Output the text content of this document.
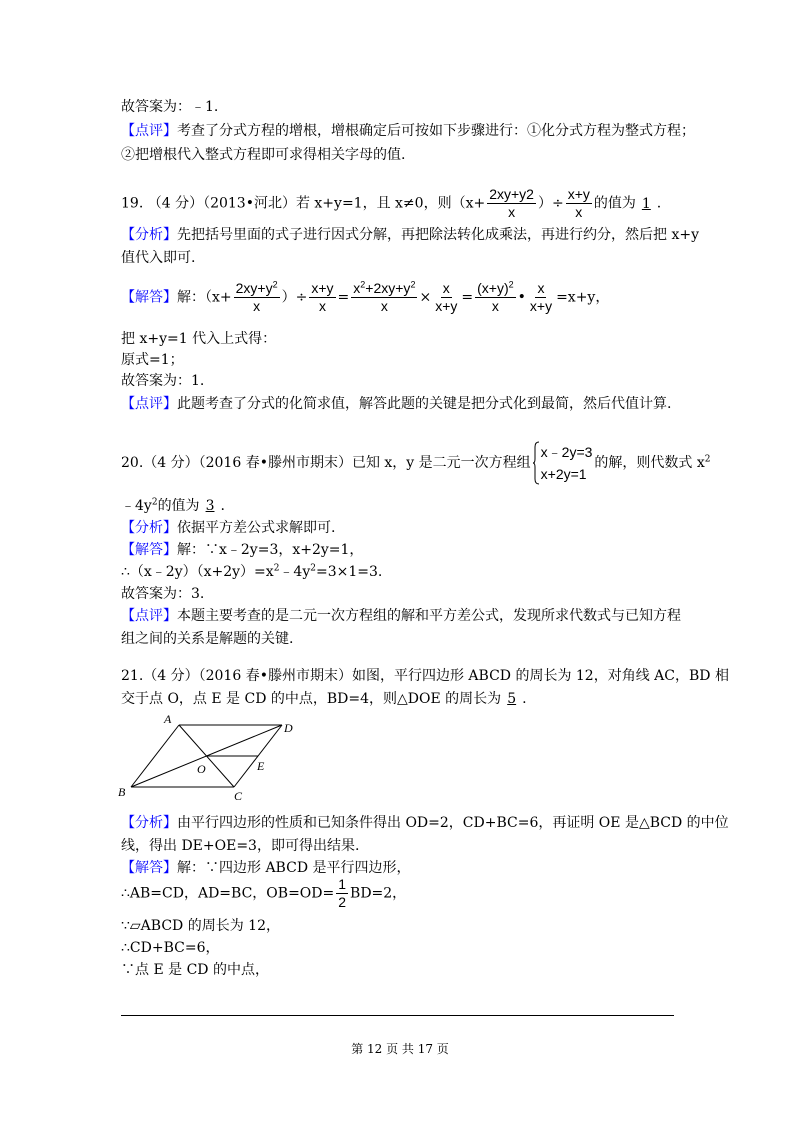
故答案为：﹣1.
【点评】考查了分式方程的增根，增根确定后可按如下步骤进行：①化分式方程为整式方程；
②把增根代入整式方程即可求得相关字母的值.
19. （4 分）（2013•河北）若 x+y=1，且 x≠0，则（$x+ \frac{2xy+y2}{x}$ ）÷ $\frac{x+y}{x}$ 的值为 1 .
【分析】先把括号里面的式子进行因式分解，再把除法转化成乘法，再进行约分，然后把 x+y
值代入即可.
【解答】解：（$x+ \frac{2xy+y^2}{x}$ ）÷ $\frac{x+y}{x} = \frac{x^2+2xy+y^2}{x} \times \frac{x}{x+y} = \frac{(x+y)^2}{x}$ • $\frac{x}{x+y} =x+y$，
把 x+y=1 代入上式得：
原式=1；
故答案为：1.
【点评】此题考查了分式的化简求值，解答此题的关键是把分式化到最简，然后代值计算.
20.（4 分）（2016 春•滕州市期末）已知 x，y 是二元一次方程组
x﹣2y=3
x+2y=1
的解，则代数式 $x^2$
$﹣4y^2$的值为 3 .
【分析】依据平方差公式求解即可.
【解答】解：∵x﹣2y=3，x+2y=1，
$\therefore(x﹣2y)(x+2y)=x^2﹣4y^2=3\times 1=3$.
故答案为：3.
【点评】本题主要考查的是二元一次方程组的解和平方差公式，发现所求代数式与已知方程
组之间的关系是解题的关键.
21.（4 分）（2016 春•滕州市期末）如图，平行四边形 ABCD 的周长为 12，对角线 AC，BD 相
交于点 O，点 E 是 CD 的中点，BD=4，则△DOE 的周长为 5 .
A
D
B	C
O	E
【分析】由平行四边形的性质和已知条件得出 OD=2，CD+BC=6，再证明 OE 是△BCD 的中位
线，得出 DE+OE=3，即可得出结果.
【解答】解：∵四边形 ABCD 是平行四边形，
∴AB=CD，AD=BC，$OB=OD= \frac{1}{2} BD=2$，
∵▱ABCD 的周长为 12，
∴CD+BC=6，
∵点 E 是 CD 的中点，
第 12 页 共 17 页
